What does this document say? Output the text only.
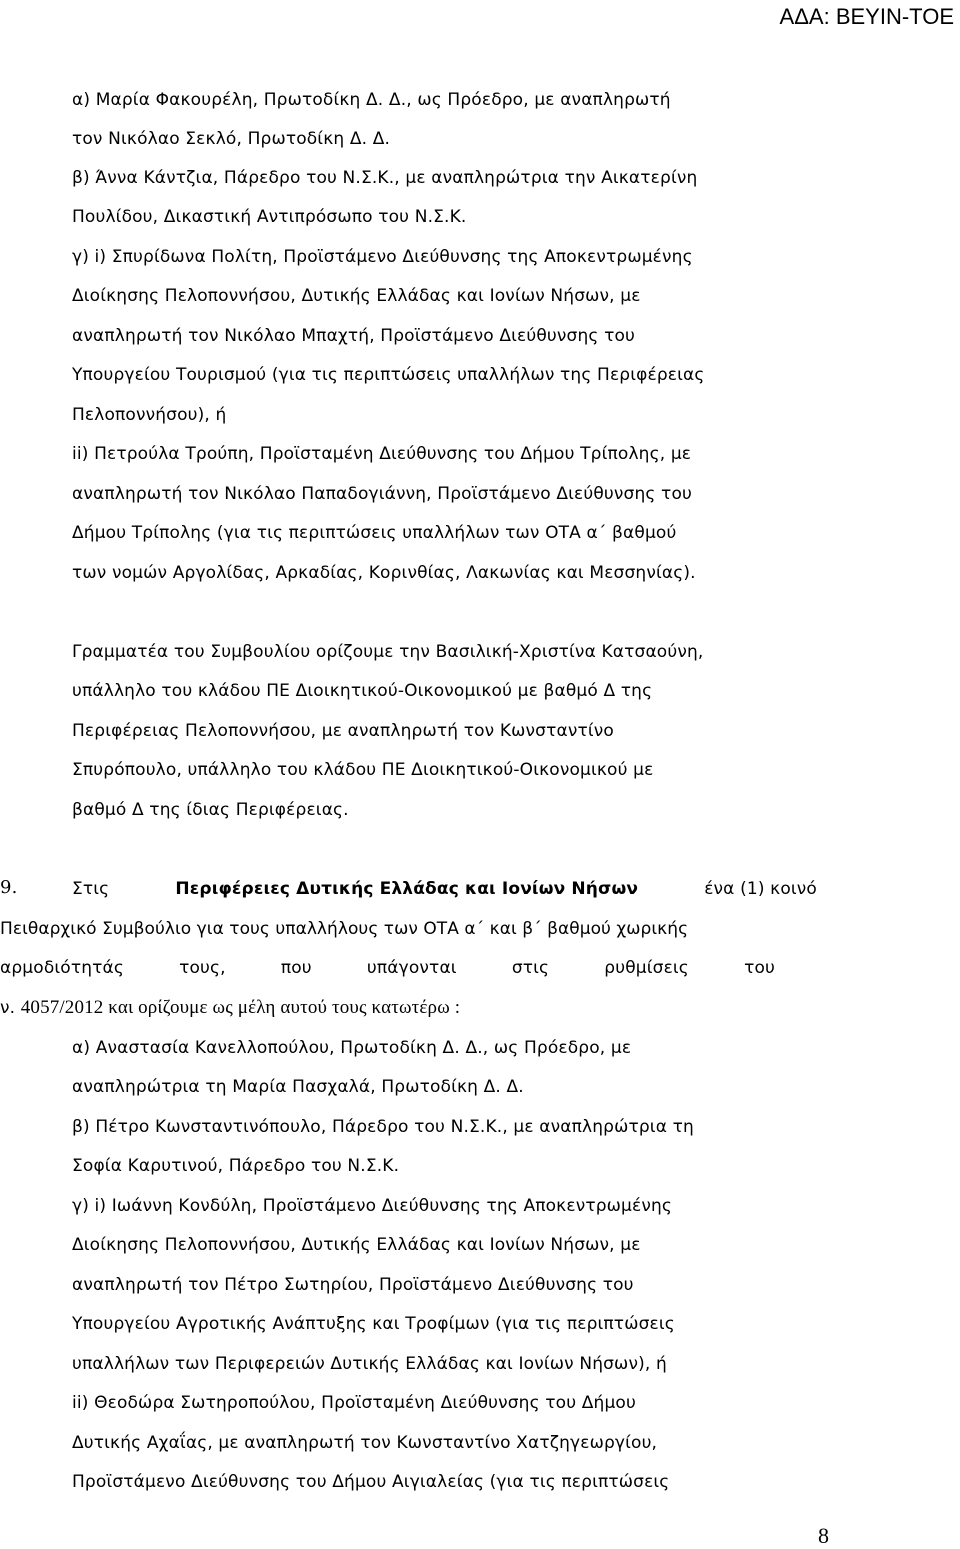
ΑΔΑ: ΒΕΥΙΝ-ΤΟΕ
α) Μαρία Φακουρέλη, Πρωτοδίκη Δ. Δ., ως Πρόεδρο, με αναπληρωτή
τον Νικόλαο Σεκλό, Πρωτοδίκη Δ. Δ.
β) Άννα Κάντζια, Πάρεδρο του Ν.Σ.Κ., με αναπληρώτρια την Αικατερίνη
Πουλίδου, Δικαστική Αντιπρόσωπο του Ν.Σ.Κ.
γ) i) Σπυρίδωνα Πολίτη, Προϊστάμενο Διεύθυνσης της Αποκεντρωμένης
Διοίκησης Πελοποννήσου, Δυτικής Ελλάδας και Ιονίων Νήσων, με
αναπληρωτή τον Νικόλαο Μπαχτή, Προϊστάμενο Διεύθυνσης του
Υπουργείου Τουρισμού (για τις περιπτώσεις υπαλλήλων της Περιφέρειας
Πελοποννήσου), ή
ii) Πετρούλα Τρούπη, Προϊσταμένη Διεύθυνσης του Δήμου Τρίπολης, με
αναπληρωτή τον Νικόλαο Παπαδογιάννη, Προϊστάμενο Διεύθυνσης του
Δήμου Τρίπολης (για τις περιπτώσεις υπαλλήλων των ΟΤΑ α΄ βαθμού
των νομών Αργολίδας, Αρκαδίας, Κορινθίας, Λακωνίας και Μεσσηνίας).
Γραμματέα του Συμβουλίου ορίζουμε την Βασιλική-Χριστίνα Κατσαούνη,
υπάλληλο του κλάδου ΠΕ Διοικητικού-Οικονομικού με βαθμό Δ της
Περιφέρειας Πελοποννήσου, με αναπληρωτή τον Κωνσταντίνο
Σπυρόπουλο, υπάλληλο του κλάδου ΠΕ Διοικητικού-Οικονομικού με
βαθμό Δ της ίδιας Περιφέρειας.
9.	Στις	Περιφέρειες Δυτικής Ελλάδας και Ιονίων Νήσων	ένα (1) κοινό
Πειθαρχικό Συμβούλιο για τους υπαλλήλους των ΟΤΑ α΄ και β΄ βαθμού χωρικής
αρμοδιότητάς	τους,	που	υπάγονται	στις	ρυθμίσεις	του
ν. 4057/2012 και ορίζουμε ως μέλη αυτού τους κατωτέρω :
α) Αναστασία Κανελλοπούλου, Πρωτοδίκη Δ. Δ., ως Πρόεδρο, με
αναπληρώτρια τη Μαρία Πασχαλά, Πρωτοδίκη Δ. Δ.
β) Πέτρο Κωνσταντινόπουλο, Πάρεδρο του Ν.Σ.Κ., με αναπληρώτρια τη
Σοφία Καρυτινού, Πάρεδρο του Ν.Σ.Κ.
γ) i) Ιωάννη Κονδύλη, Προϊστάμενο Διεύθυνσης της Αποκεντρωμένης
Διοίκησης Πελοποννήσου, Δυτικής Ελλάδας και Ιονίων Νήσων, με
αναπληρωτή τον Πέτρο Σωτηρίου, Προϊστάμενο Διεύθυνσης του
Υπουργείου Αγροτικής Ανάπτυξης και Τροφίμων (για τις περιπτώσεις
υπαλλήλων των Περιφερειών Δυτικής Ελλάδας και Ιονίων Νήσων), ή
ii) Θεοδώρα Σωτηροπούλου, Προϊσταμένη Διεύθυνσης του Δήμου
Δυτικής Αχαΐας, με αναπληρωτή τον Κωνσταντίνο Χατζηγεωργίου,
Προϊστάμενο Διεύθυνσης του Δήμου Αιγιαλείας (για τις περιπτώσεις
8
